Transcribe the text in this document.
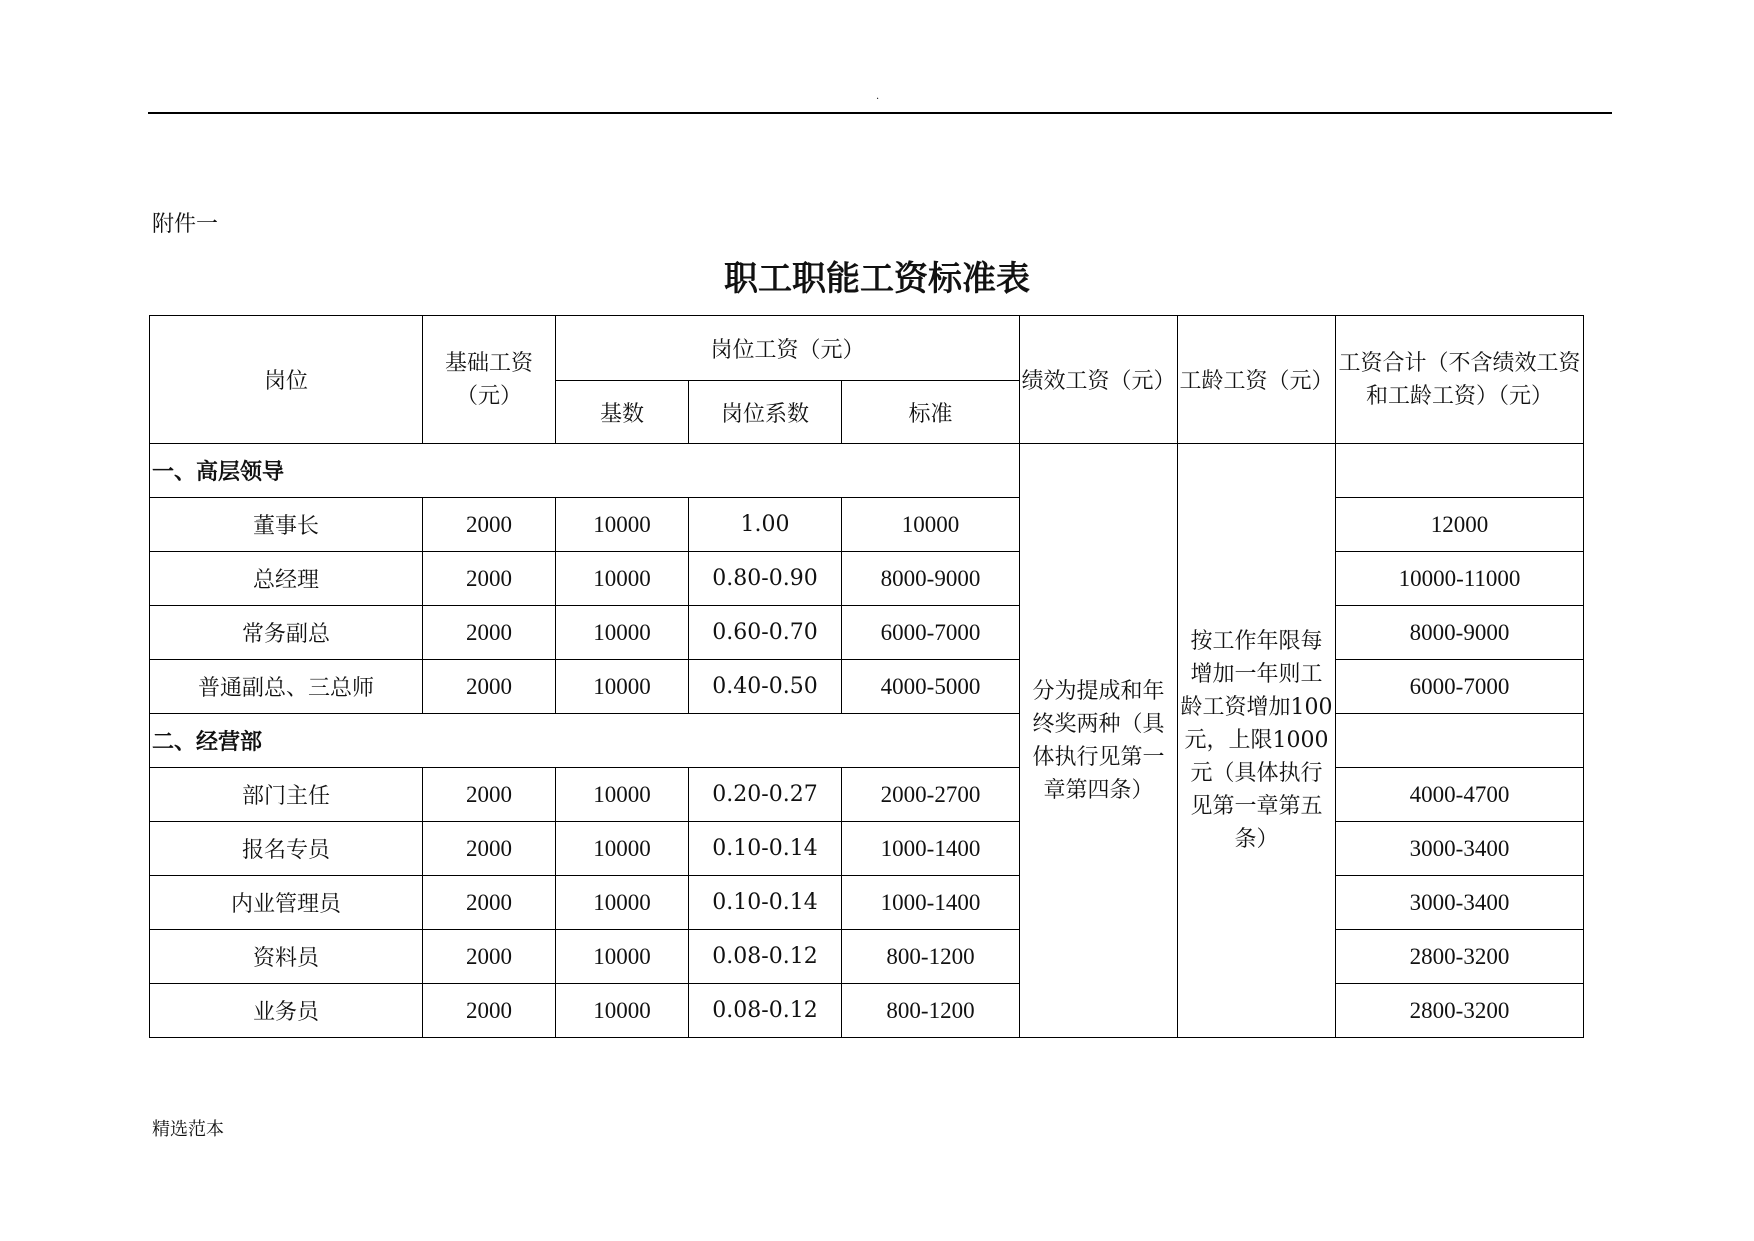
.
附件一
职工职能工资标准表
岗位	基础工资（元）	岗位工资（元）			绩效工资（元）	工龄工资（元）	工资合计（不含绩效工资和工龄工资）（元）
		基数	岗位系数	标准			
一、高层领导					分为提成和年终奖两种（具体执行见第一章第四条）	按工作年限每增加一年则工龄工资增加100元，上限1000元（具体执行见第一章第五条）	
董事长	2000	10000	1.00	10000			12000
总经理	2000	10000	0.80-0.90	8000-9000			10000-11000
常务副总	2000	10000	0.60-0.70	6000-7000			8000-9000
普通副总、三总师	2000	10000	0.40-0.50	4000-5000			6000-7000
二、经营部							
部门主任	2000	10000	0.20-0.27	2000-2700			4000-4700
报名专员	2000	10000	0.10-0.14	1000-1400			3000-3400
内业管理员	2000	10000	0.10-0.14	1000-1400			3000-3400
资料员	2000	10000	0.08-0.12	800-1200			2800-3200
业务员	2000	10000	0.08-0.12	800-1200			2800-3200
精选范本
